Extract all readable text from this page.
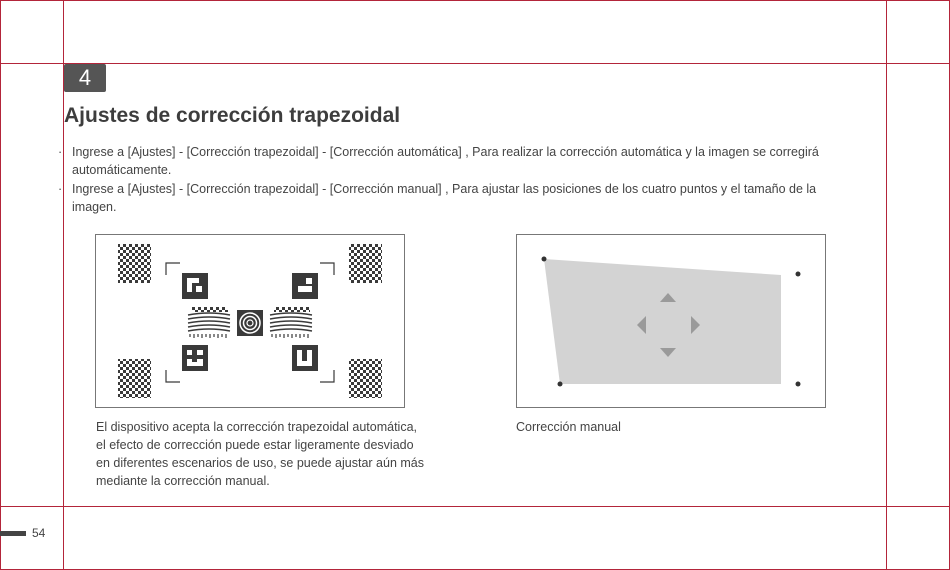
4
Ajustes de corrección trapezoidal
· Ingrese a [Ajustes] - [Corrección trapezoidal] - [Corrección automática] , Para realizar la corrección automática y la imagen se corregirá
automáticamente.
· Ingrese a [Ajustes] - [Corrección trapezoidal] - [Corrección manual] , Para ajustar las posiciones de los cuatro puntos y el tamaño de la
imagen.
El dispositivo acepta la corrección trapezoidal automática,
el efecto de corrección puede estar ligeramente desviado
en diferentes escenarios de uso, se puede ajustar aún más
mediante la corrección manual.
Corrección manual
54
